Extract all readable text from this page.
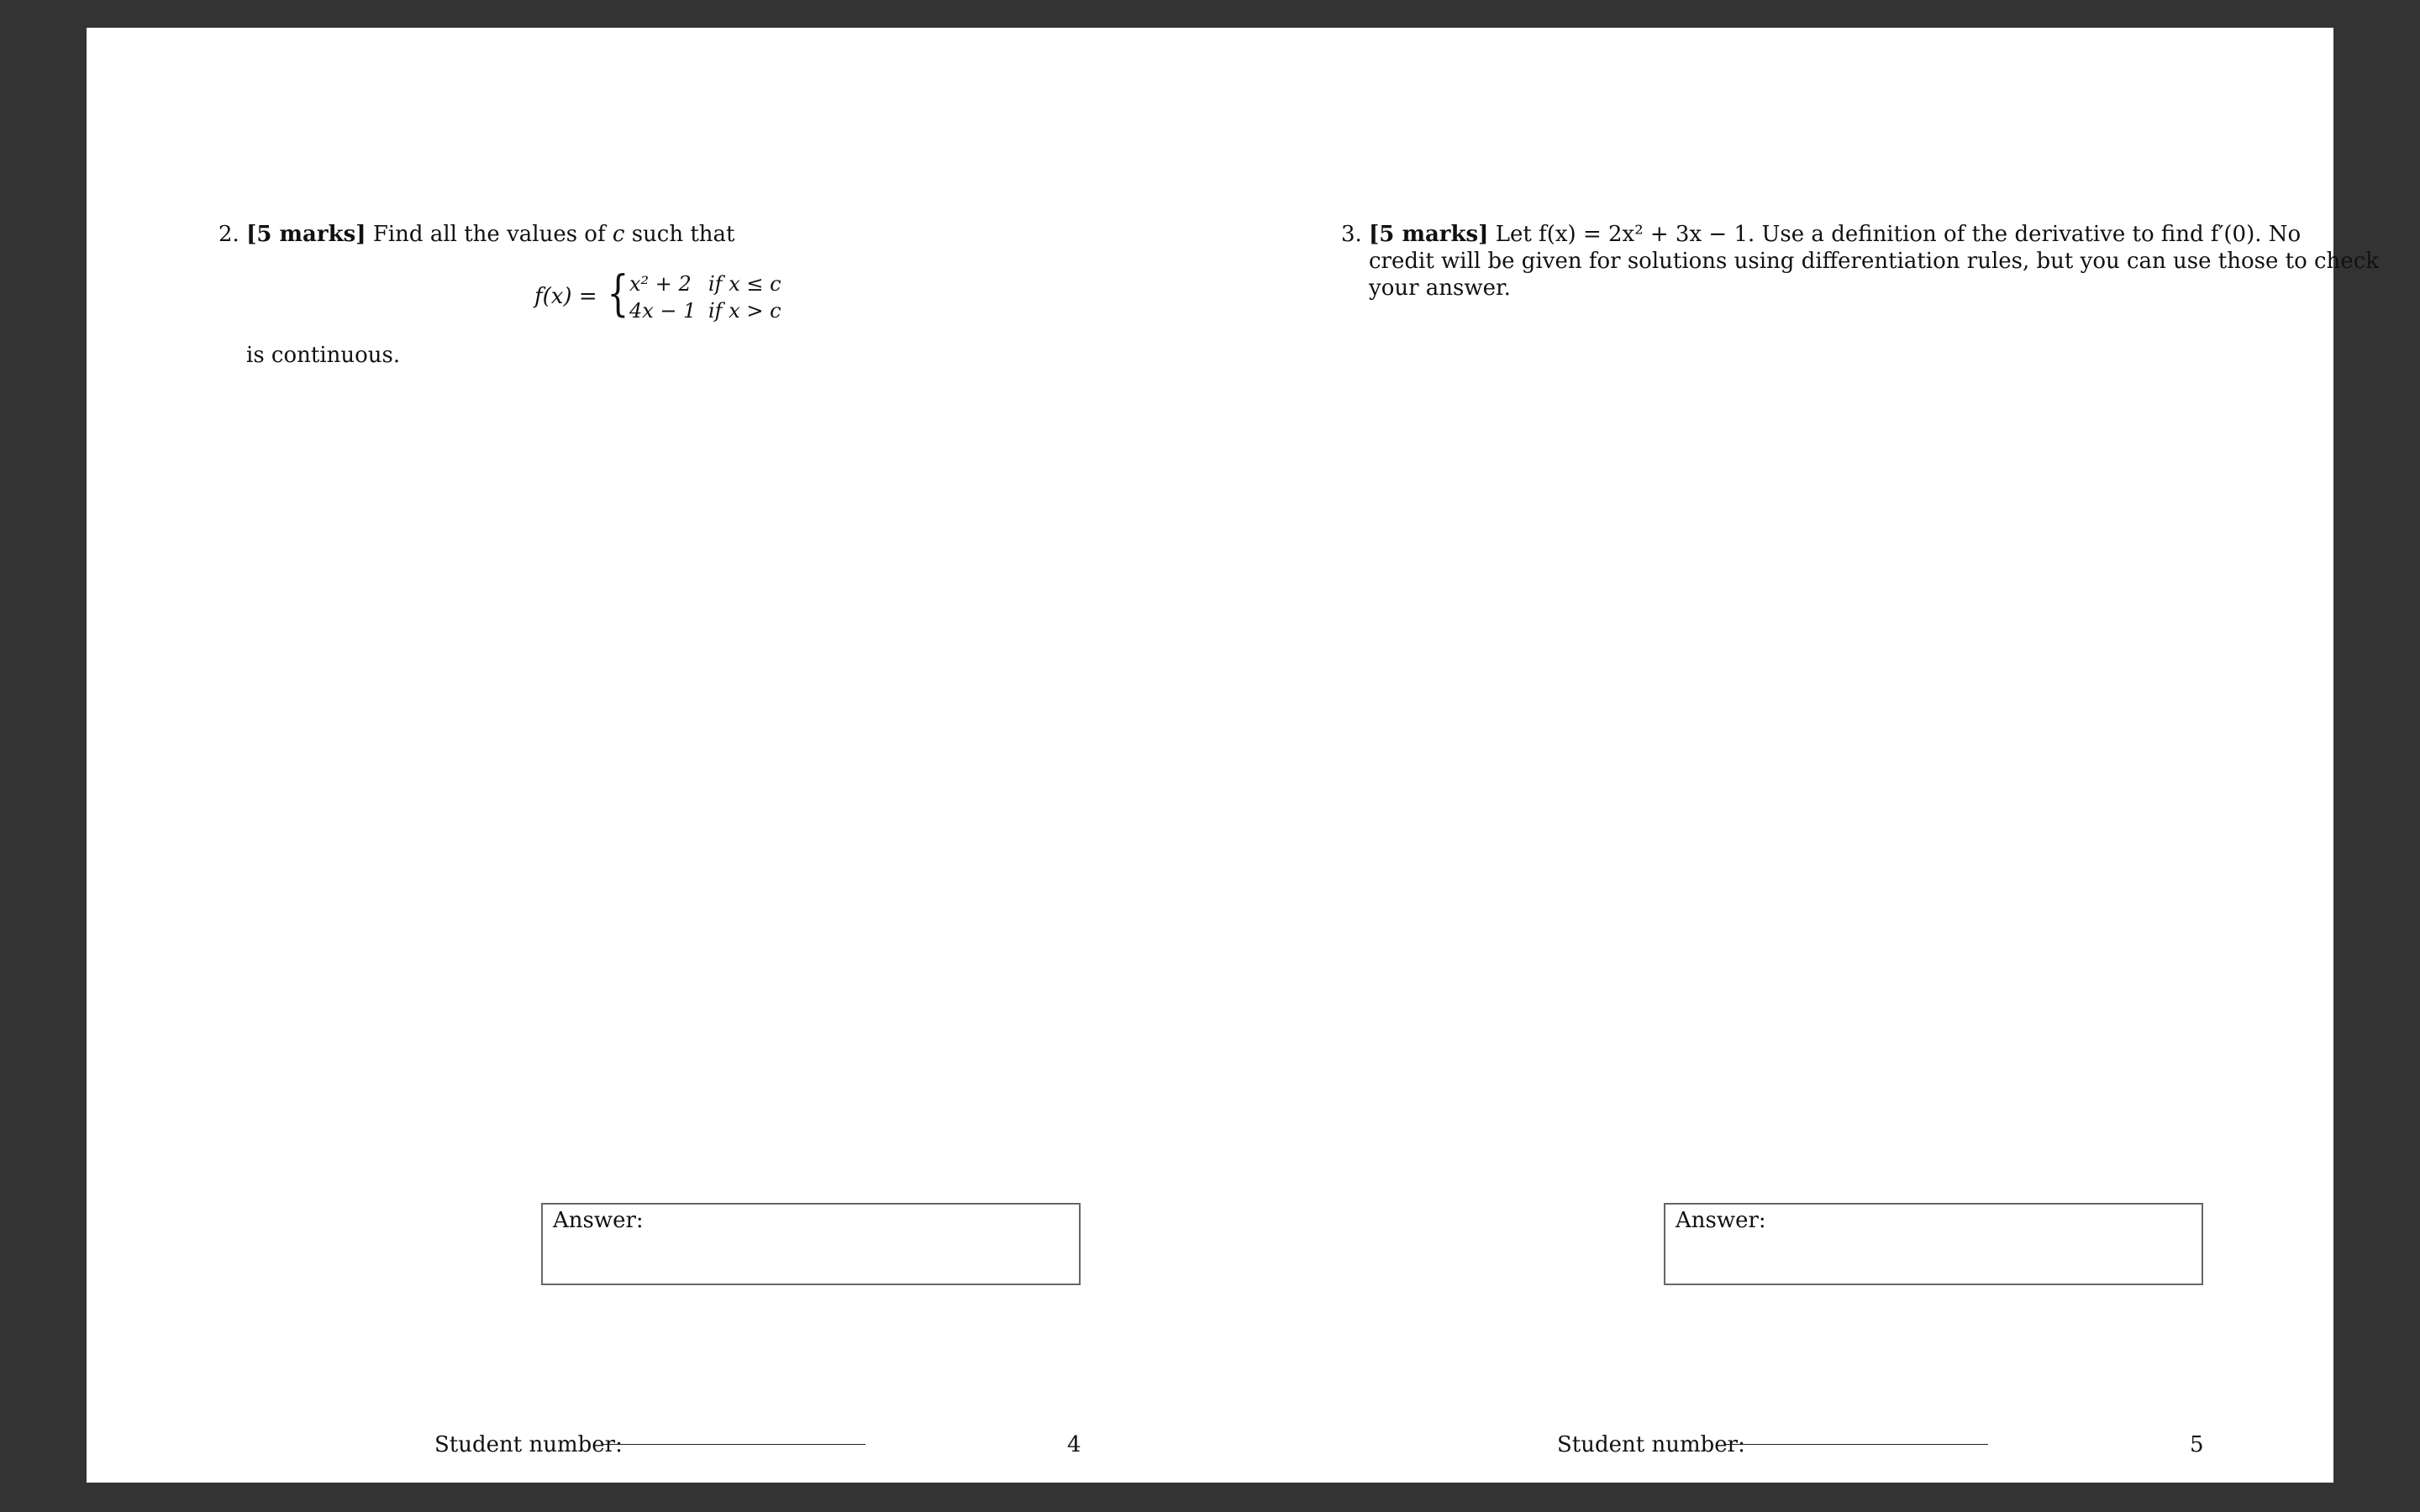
2. [5 marks] Find all the values of c such that
f(x) = { x² + 2 if x ≤ c
4x − 1 if x > c
is continuous.
Answer:
Student number:	4
3. [5 marks] Let f(x) = 2x² + 3x − 1. Use a definition of the derivative to find f′(0). No
credit will be given for solutions using differentiation rules, but you can use those to check
your answer.
Answer:
Student number:	5
